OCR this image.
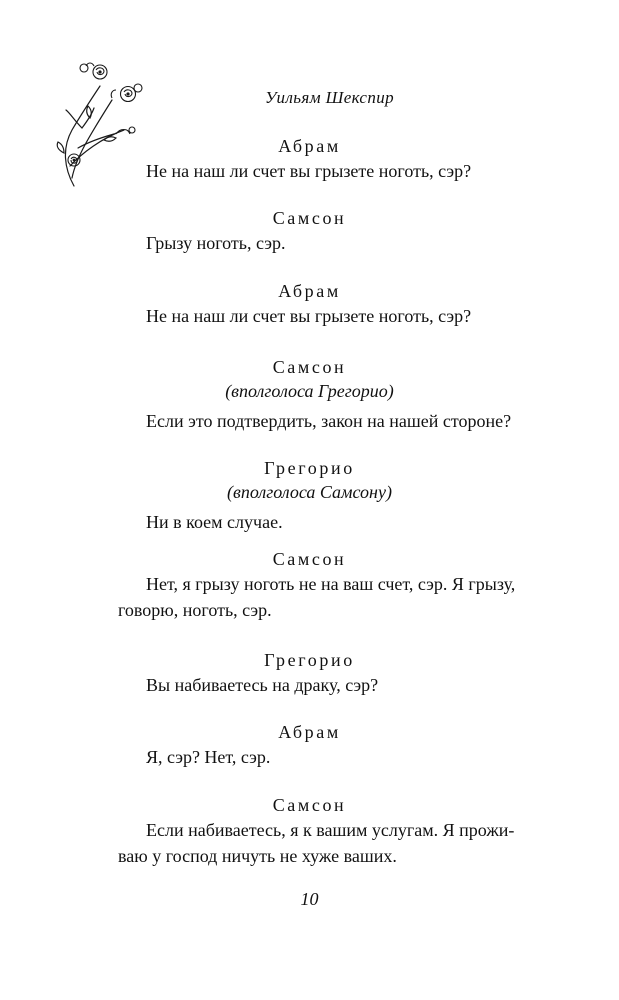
Уильям Шекспир
Абрам
Не на наш ли счет вы грызете ноготь, сэр?
Самсон
Грызу ноготь, сэр.
Абрам
Не на наш ли счет вы грызете ноготь, сэр?
Самсон
(вполголоса Грегорио)
Если это подтвердить, закон на нашей стороне?
Грегорио
(вполголоса Самсону)
Ни в коем случае.
Самсон
Нет, я грызу ноготь не на ваш счет, сэр. Я грызу,
говорю, ноготь, сэр.
Грегорио
Вы набиваетесь на драку, сэр?
Абрам
Я, сэр? Нет, сэр.
Самсон
Если набиваетесь, я к вашим услугам. Я прожи-
ваю у господ ничуть не хуже ваших.
10
